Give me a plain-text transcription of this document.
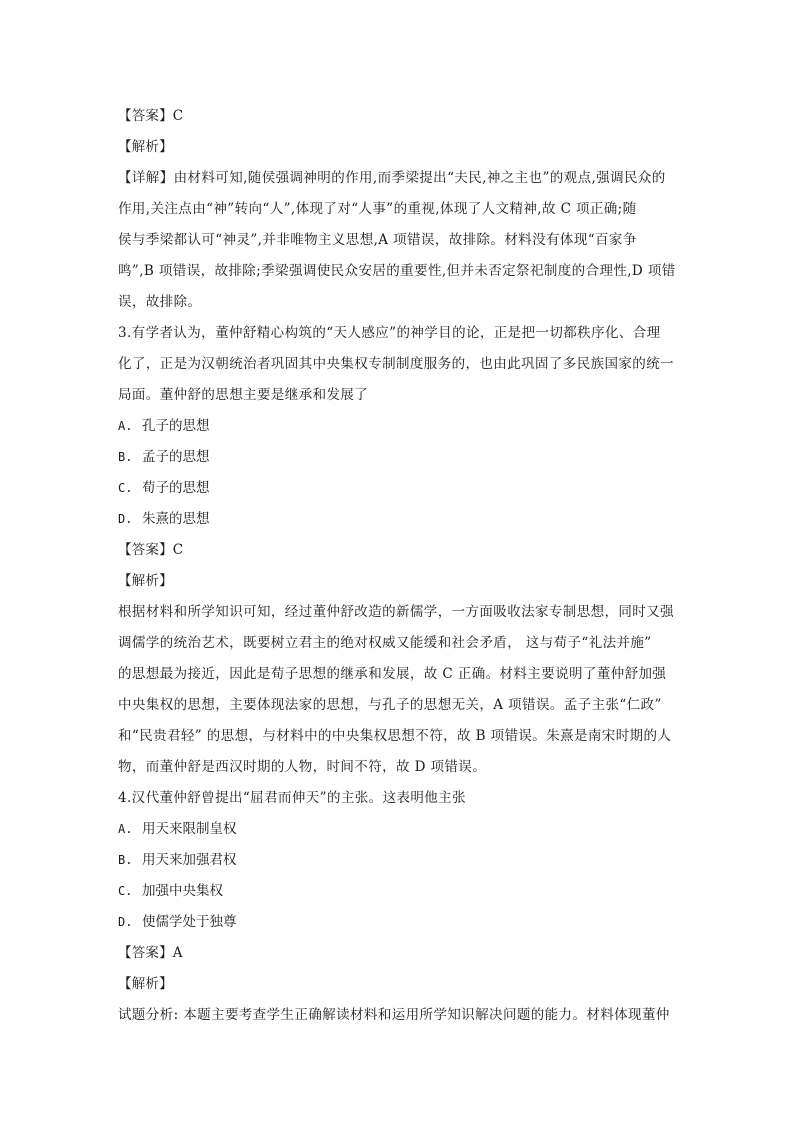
【答案】C
【解析】
【详解】由材料可知,随侯强调神明的作用,而季梁提出“夫民,神之主也”的观点,强调民众的
作用,关注点由“神”转向“人”,体现了对“人事”的重视,体现了人文精神,故 C 项正确;随
侯与季梁都认可“神灵”,并非唯物主义思想,A 项错误，故排除。材料没有体现“百家争
鸣”,B 项错误，故排除;季梁强调使民众安居的重要性,但并未否定祭祀制度的合理性,D 项错
误，故排除。
3.有学者认为，董仲舒精心构筑的“天人感应”的神学目的论，正是把一切都秩序化、合理
化了，正是为汉朝统治者巩固其中央集权专制制度服务的，也由此巩固了多民族国家的统一
局面。董仲舒的思想主要是继承和发展了
A. 孔子的思想
B. 孟子的思想
C. 荀子的思想
D. 朱熹的思想
【答案】C
【解析】
根据材料和所学知识可知，经过董仲舒改造的新儒学，一方面吸收法家专制思想，同时又强
调儒学的统治艺术，既要树立君主的绝对权威又能缓和社会矛盾， 这与荀子“礼法并施”
的思想最为接近，因此是荀子思想的继承和发展，故 C 正确。材料主要说明了董仲舒加强
中央集权的思想，主要体现法家的思想，与孔子的思想无关，A 项错误。孟子主张“仁政”
和“民贵君轻” 的思想，与材料中的中央集权思想不符，故 B 项错误。朱熹是南宋时期的人
物，而董仲舒是西汉时期的人物，时间不符，故 D 项错误。
4.汉代董仲舒曾提出“屈君而伸天”的主张。这表明他主张
A. 用天来限制皇权
B. 用天来加强君权
C. 加强中央集权
D. 使儒学处于独尊
【答案】A
【解析】
试题分析: 本题主要考查学生正确解读材料和运用所学知识解决问题的能力。材料体现董仲
